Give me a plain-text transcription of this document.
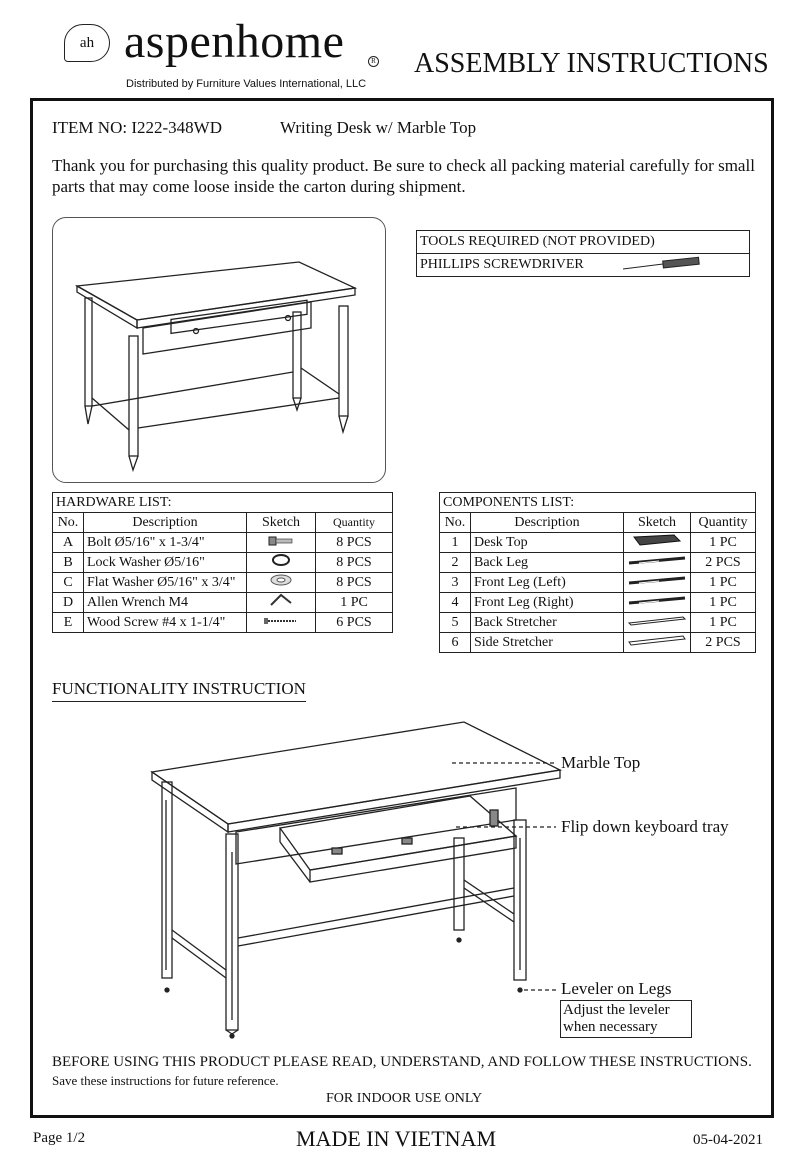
ah aspenhome	R
Distributed by Furniture Values International, LLC
ASSEMBLY INSTRUCTIONS
ITEM NO: I222-348WD	Writing Desk w/ Marble Top
Thank you for purchasing this quality product. Be sure to check all packing material carefully for small parts that may come loose inside the carton during shipment.
TOOLS REQUIRED (NOT PROVIDED)
PHILLIPS SCREWDRIVER
HARDWARE LIST:			
No.	Description	Sketch	Quantity
A	Bolt Ø5/16" x 1-3/4"		8 PCS
B	Lock Washer Ø5/16"		8 PCS
C	Flat Washer Ø5/16" x 3/4"		8 PCS
D	Allen Wrench M4		1 PC
E	Wood Screw #4 x 1-1/4"		6 PCS
COMPONENTS LIST:			
No.	Description	Sketch	Quantity
1	Desk Top		1 PC
2	Back Leg		2 PCS
3	Front Leg (Left)		1 PC
4	Front Leg (Right)		1 PC
5	Back Stretcher		1 PC
6	Side Stretcher		2 PCS
FUNCTIONALITY INSTRUCTION
Marble Top
Flip down keyboard tray
Leveler on Legs
Adjust the leveler when necessary
BEFORE USING THIS PRODUCT PLEASE READ, UNDERSTAND, AND FOLLOW THESE INSTRUCTIONS.
Save these instructions for future reference.
FOR INDOOR USE ONLY
Page 1/2	MADE IN VIETNAM	05-04-2021
